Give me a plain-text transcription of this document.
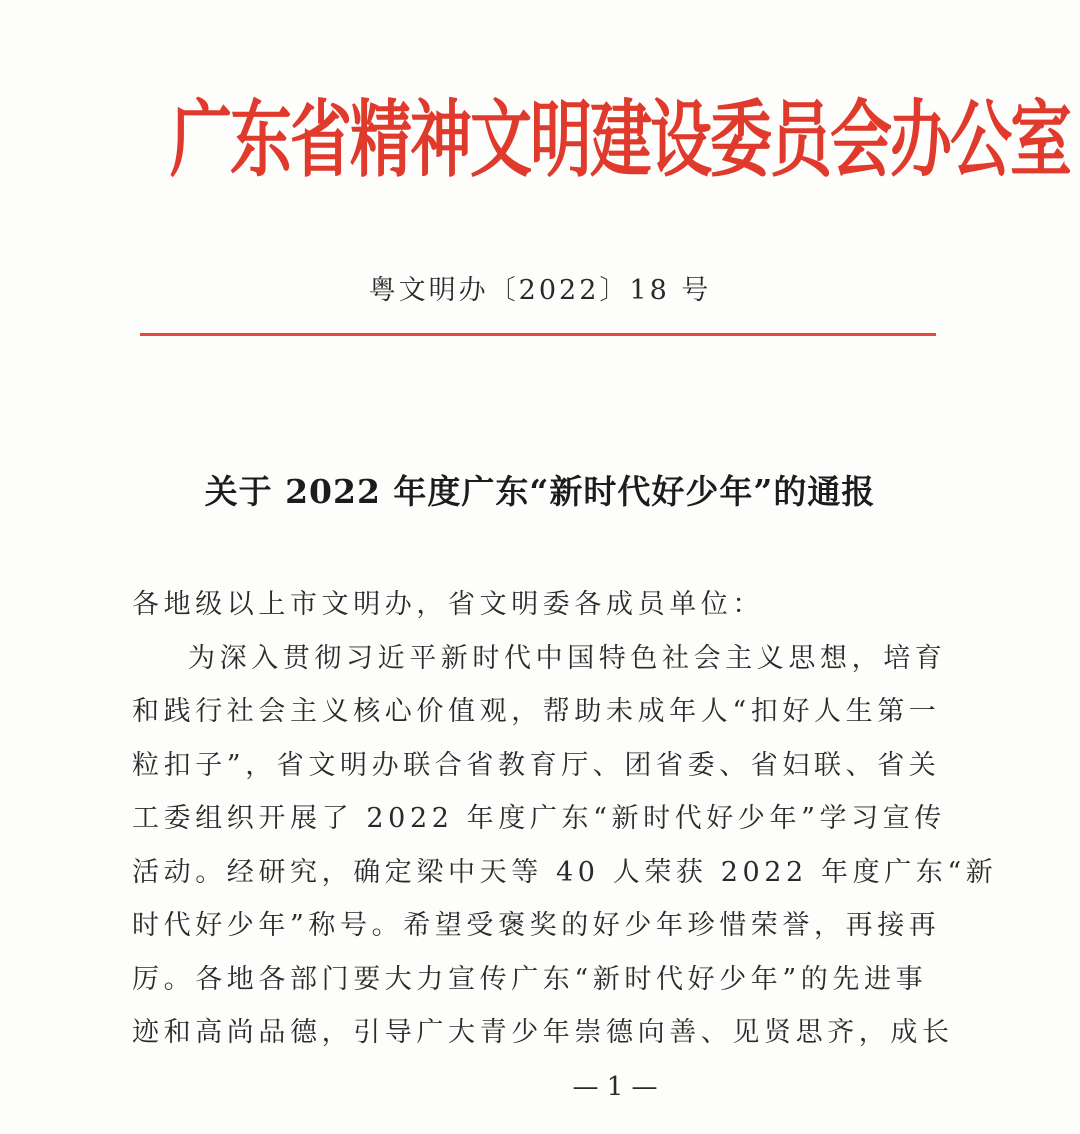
广东省精神文明建设委员会办公室
粤文明办〔2022〕18 号
关于 2022 年度广东“新时代好少年”的通报
各地级以上市文明办，省文明委各成员单位：
为深入贯彻习近平新时代中国特色社会主义思想，培育
和践行社会主义核心价值观，帮助未成年人“扣好人生第一
粒扣子”，省文明办联合省教育厅、团省委、省妇联、省关
工委组织开展了 2022 年度广东“新时代好少年”学习宣传
活动。经研究，确定梁中天等 40 人荣获 2022 年度广东“新
时代好少年”称号。希望受褒奖的好少年珍惜荣誉，再接再
厉。各地各部门要大力宣传广东“新时代好少年”的先进事
迹和高尚品德，引导广大青少年崇德向善、见贤思齐，成长
— 1 —
